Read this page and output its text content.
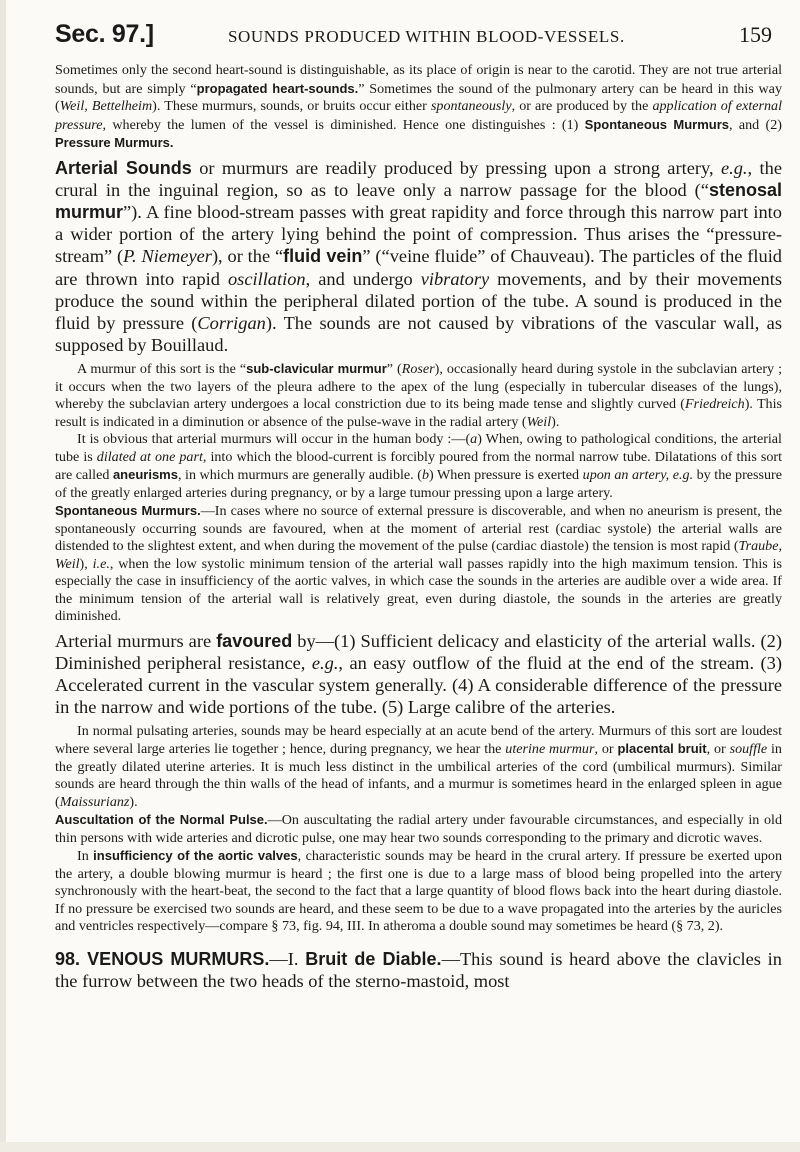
Sec. 97.]	SOUNDS PRODUCED WITHIN BLOOD-VESSELS.	159

Sometimes only the second heart-sound is distinguishable, as its place of origin is near to the carotid. They are not true arterial sounds, but are simply “propagated heart-sounds.” Sometimes the sound of the pulmonary artery can be heard in this way (Weil, Bettelheim). These murmurs, sounds, or bruits occur either spontaneously, or are produced by the application of external pressure, whereby the lumen of the vessel is diminished. Hence one distinguishes : (1) Spontaneous Murmurs, and (2) Pressure Murmurs.

Arterial Sounds or murmurs are readily produced by pressing upon a strong artery, e.g., the crural in the inguinal region, so as to leave only a narrow passage for the blood (“stenosal murmur”). A fine blood-stream passes with great rapidity and force through this narrow part into a wider portion of the artery lying behind the point of compression. Thus arises the “pressure-stream” (P. Niemeyer), or the “fluid vein” (“veine fluide” of Chauveau). The particles of the fluid are thrown into rapid oscillation, and undergo vibratory movements, and by their movements produce the sound within the peripheral dilated portion of the tube. A sound is produced in the fluid by pressure (Corrigan). The sounds are not caused by vibrations of the vascular wall, as supposed by Bouillaud.

A murmur of this sort is the “sub-clavicular murmur” (Roser), occasionally heard during systole in the subclavian artery ; it occurs when the two layers of the pleura adhere to the apex of the lung (especially in tubercular diseases of the lungs), whereby the subclavian artery undergoes a local constriction due to its being made tense and slightly curved (Friedreich). This result is indicated in a diminution or absence of the pulse-wave in the radial artery (Weil).

It is obvious that arterial murmurs will occur in the human body :—(a) When, owing to pathological conditions, the arterial tube is dilated at one part, into which the blood-current is forcibly poured from the normal narrow tube. Dilatations of this sort are called aneurisms, in which murmurs are generally audible. (b) When pressure is exerted upon an artery, e.g. by the pressure of the greatly enlarged arteries during pregnancy, or by a large tumour pressing upon a large artery.

Spontaneous Murmurs.—In cases where no source of external pressure is discoverable, and when no aneurism is present, the spontaneously occurring sounds are favoured, when at the moment of arterial rest (cardiac systole) the arterial walls are distended to the slightest extent, and when during the movement of the pulse (cardiac diastole) the tension is most rapid (Traube, Weil), i.e., when the low systolic minimum tension of the arterial wall passes rapidly into the high maximum tension. This is especially the case in insufficiency of the aortic valves, in which case the sounds in the arteries are audible over a wide area. If the minimum tension of the arterial wall is relatively great, even during diastole, the sounds in the arteries are greatly diminished.

Arterial murmurs are favoured by—(1) Sufficient delicacy and elasticity of the arterial walls. (2) Diminished peripheral resistance, e.g., an easy outflow of the fluid at the end of the stream. (3) Accelerated current in the vascular system generally. (4) A considerable difference of the pressure in the narrow and wide portions of the tube. (5) Large calibre of the arteries.

In normal pulsating arteries, sounds may be heard especially at an acute bend of the artery. Murmurs of this sort are loudest where several large arteries lie together ; hence, during pregnancy, we hear the uterine murmur, or placental bruit, or souffle in the greatly dilated uterine arteries. It is much less distinct in the umbilical arteries of the cord (umbilical murmurs). Similar sounds are heard through the thin walls of the head of infants, and a murmur is sometimes heard in the enlarged spleen in ague (Maissurianz).

Auscultation of the Normal Pulse.—On auscultating the radial artery under favourable circumstances, and especially in old thin persons with wide arteries and dicrotic pulse, one may hear two sounds corresponding to the primary and dicrotic waves.

In insufficiency of the aortic valves, characteristic sounds may be heard in the crural artery. If pressure be exerted upon the artery, a double blowing murmur is heard ; the first one is due to a large mass of blood being propelled into the artery synchronously with the heart-beat, the second to the fact that a large quantity of blood flows back into the heart during diastole. If no pressure be exercised two sounds are heard, and these seem to be due to a wave propagated into the arteries by the auricles and ventricles respectively—compare § 73, fig. 94, III. In atheroma a double sound may sometimes be heard (§ 73, 2).

98. VENOUS MURMURS.—I. Bruit de Diable.—This sound is heard above the clavicles in the furrow between the two heads of the sterno-mastoid, most
